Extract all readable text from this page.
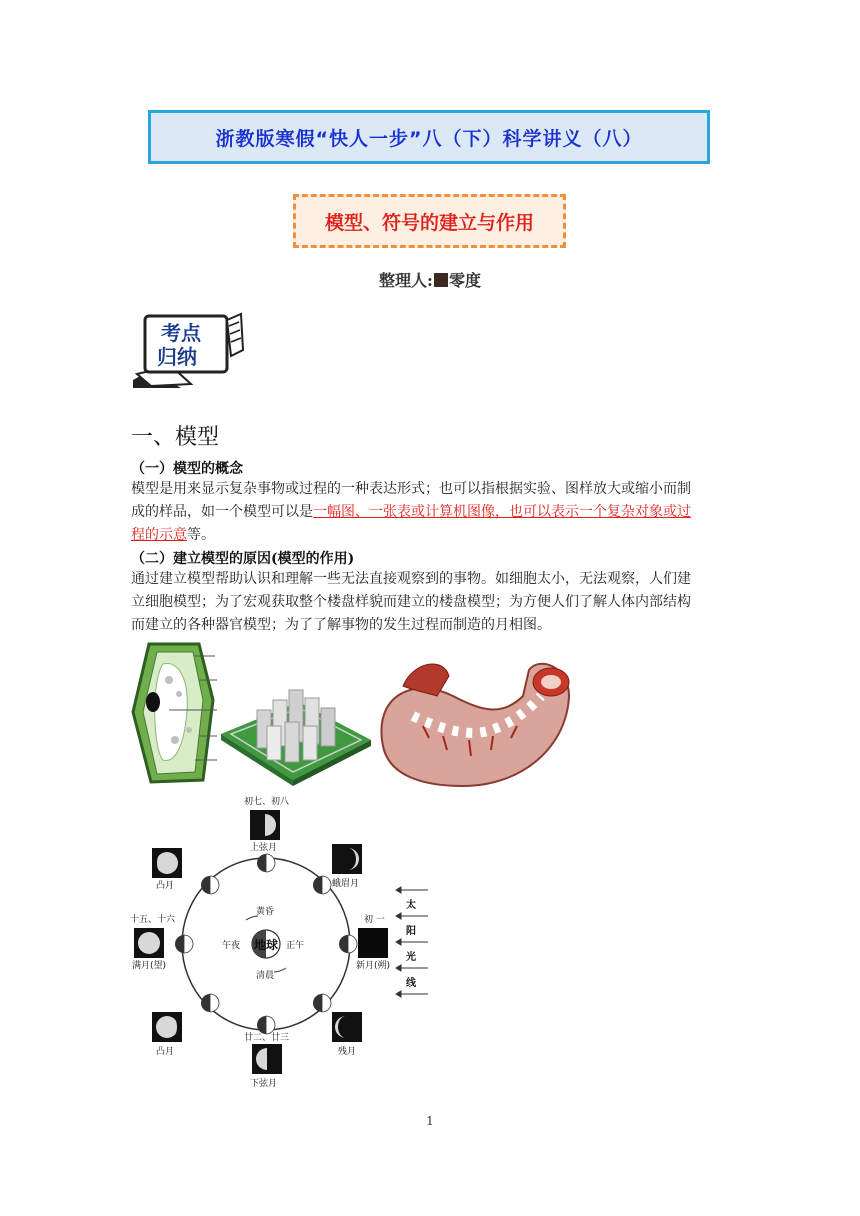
浙教版寒假“快人一步”八（下）科学讲义（八）
模型、符号的建立与作用
整理人: 零度
考点
归纳
一、模型
（一）模型的概念
模型是用来显示复杂事物或过程的一种表达形式；也可以指根据实验、图样放大或缩小而制
成的样品，如一个模型可以是一幅图、一张表或计算机图像，也可以表示一个复杂对象或过
程的示意等。
（二）建立模型的原因(模型的作用)
通过建立模型帮助认识和理解一些无法直接观察到的事物。如细胞太小，无法观察，人们建
立细胞模型；为了宏观获取整个楼盘样貌而建立的楼盘模型；为方便人们了解人体内部结构
而建立的各种器官模型；为了了解事物的发生过程而制造的月相图。
地球
黄昏
正午
清晨
午夜
初七、初八
上弦月
蛾眉月
初 一
新月(朔)
残月
廿二、廿三
下弦月
凸月
十五、十六
满月(望)
凸月
太
阳
光
线
1
